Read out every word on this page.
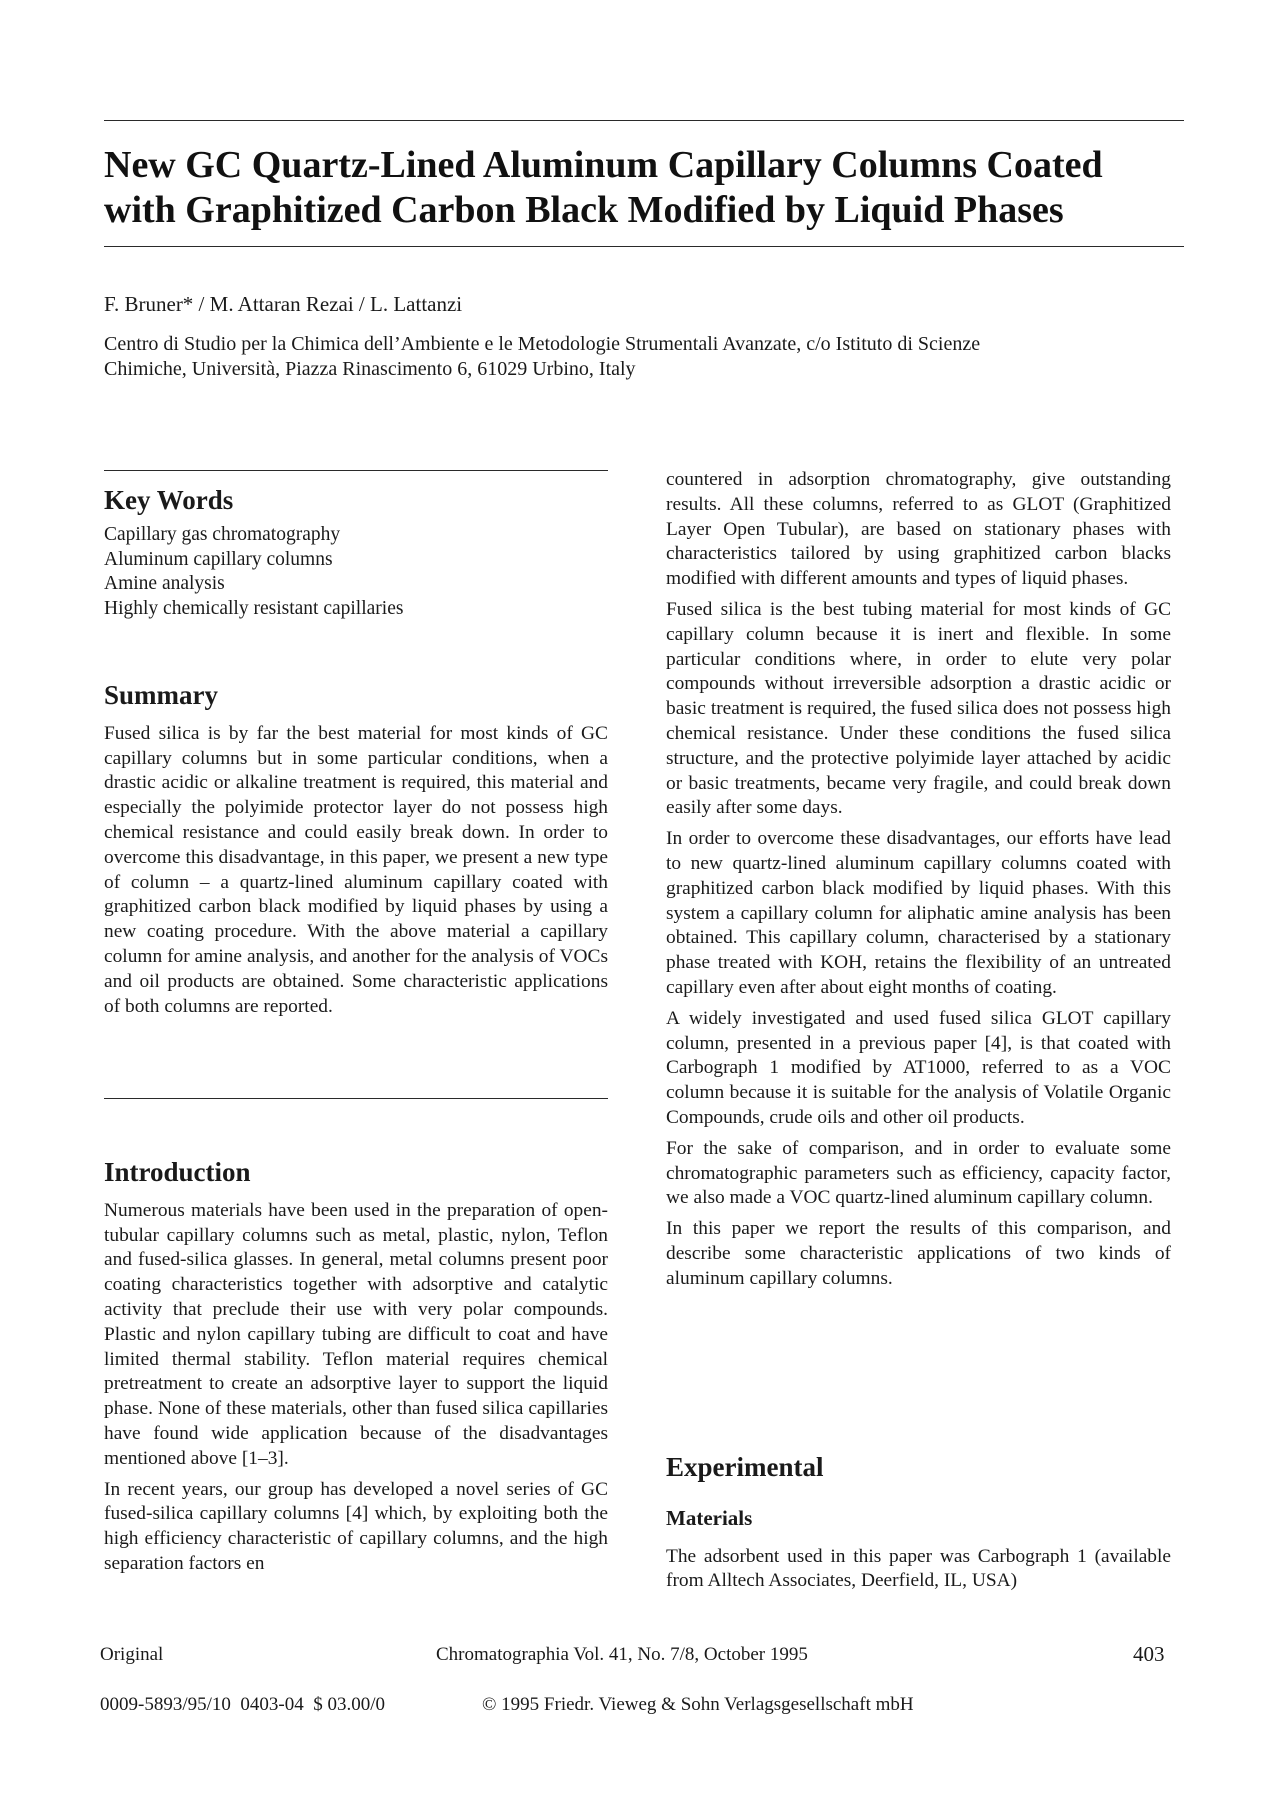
New GC Quartz-Lined Aluminum Capillary Columns Coated
with Graphitized Carbon Black Modified by Liquid Phases

F. Bruner* / M. Attaran Rezai / L. Lattanzi

Centro di Studio per la Chimica dell’Ambiente e le Metodologie Strumentali Avanzate, c/o Istituto di Scienze
Chimiche, Università, Piazza Rinascimento 6, 61029 Urbino, Italy

Key Words
Capillary gas chromatography
Aluminum capillary columns
Amine analysis
Highly chemically resistant capillaries
Summary

Fused silica is by far the best material for most kinds of GC capillary columns but in some particular conditions, when a drastic acidic or alkaline treatment is required, this material and especially the polyimide protector layer do not possess high chemical resistance and could easily break down. In order to overcome this disadvantage, in this paper, we present a new type of column – a quartz-lined aluminum capillary coated with graphitized carbon black modified by liquid phases by using a new coating procedure. With the above material a capillary column for amine analysis, and another for the analysis of VOCs and oil products are obtained. Some characteristic applications of both columns are reported.

Introduction

Numerous materials have been used in the preparation of open-tubular capillary columns such as metal, plastic, nylon, Teflon and fused-silica glasses. In general, metal columns present poor coating characteristics together with adsorptive and catalytic activity that preclude their use with very polar compounds. Plastic and nylon capillary tubing are difficult to coat and have limited thermal stability. Teflon material requires chemical pretreatment to create an adsorptive layer to support the liquid phase. None of these materials, other than fused silica capillaries have found wide application because of the disadvantages mentioned above [1–3].

In recent years, our group has developed a novel series of GC fused-silica capillary columns [4] which, by exploiting both the high efficiency characteristic of capillary columns, and the high separation factors en

countered in adsorption chromatography, give outstanding results. All these columns, referred to as GLOT (Graphitized Layer Open Tubular), are based on stationary phases with characteristics tailored by using graphitized carbon blacks modified with different amounts and types of liquid phases.

Fused silica is the best tubing material for most kinds of GC capillary column because it is inert and flexible. In some particular conditions where, in order to elute very polar compounds without irreversible adsorption a drastic acidic or basic treatment is required, the fused silica does not possess high chemical resistance. Under these conditions the fused silica structure, and the protective polyimide layer attached by acidic or basic treatments, became very fragile, and could break down easily after some days.

In order to overcome these disadvantages, our efforts have lead to new quartz-lined aluminum capillary columns coated with graphitized carbon black modified by liquid phases. With this system a capillary column for aliphatic amine analysis has been obtained. This capillary column, characterised by a stationary phase treated with KOH, retains the flexibility of an untreated capillary even after about eight months of coating.

A widely investigated and used fused silica GLOT capillary column, presented in a previous paper [4], is that coated with Carbograph 1 modified by AT1000, referred to as a VOC column because it is suitable for the analysis of Volatile Organic Compounds, crude oils and other oil products.

For the sake of comparison, and in order to evaluate some chromatographic parameters such as efficiency, capacity factor, we also made a VOC quartz-lined aluminum capillary column.

In this paper we report the results of this comparison, and describe some characteristic applications of two kinds of aluminum capillary columns.

Experimental
Materials

The adsorbent used in this paper was Carbograph 1 (available from Alltech Associates, Deerfield, IL, USA)

Original	Chromatographia Vol. 41, No. 7/8, October 1995	403

0009-5893/95/10  0403-04  $ 03.00/0	© 1995 Friedr. Vieweg & Sohn Verlagsgesellschaft mbH
